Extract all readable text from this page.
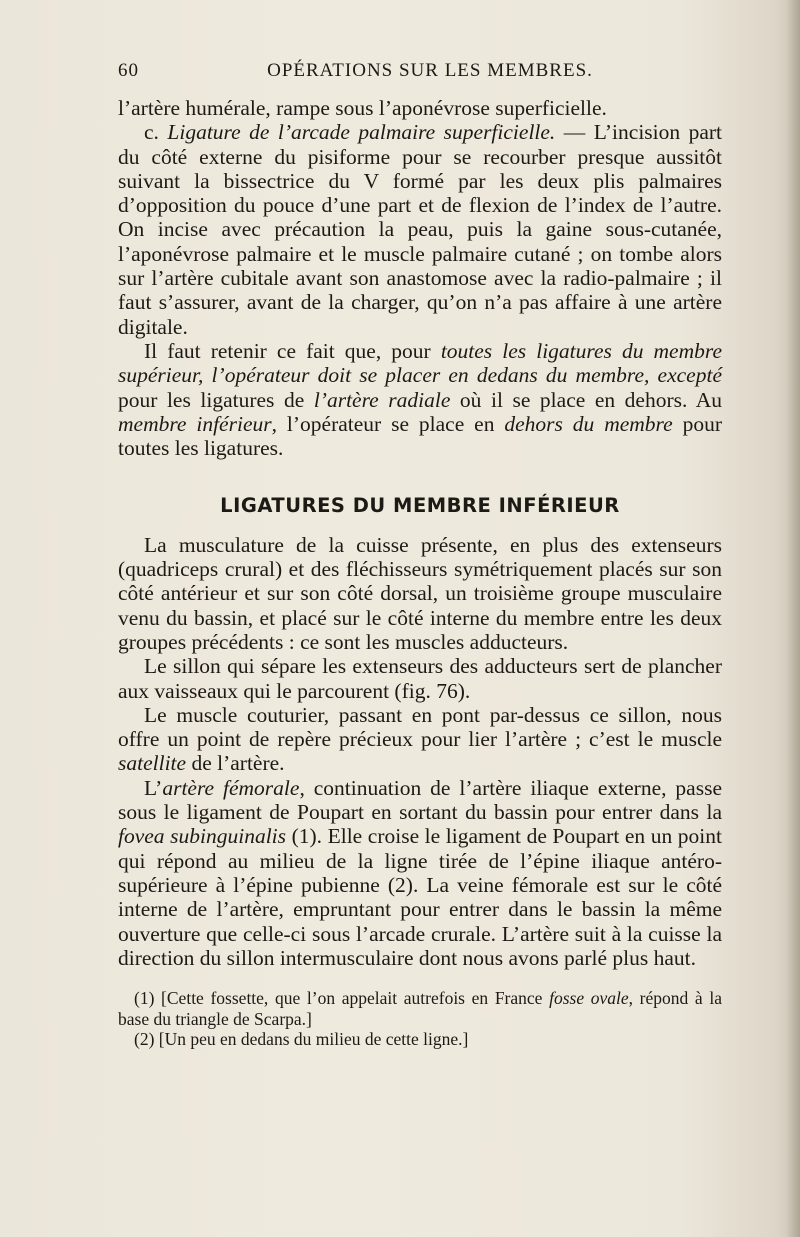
60	OPÉRATIONS SUR LES MEMBRES.

l’artère humérale, rampe sous l’aponévrose superficielle.

c. Ligature de l’arcade palmaire superficielle. — L’incision part du côté externe du pisiforme pour se recourber presque aussitôt suivant la bissectrice du V formé par les deux plis palmaires d’opposition du pouce d’une part et de flexion de l’index de l’autre. On incise avec précaution la peau, puis la gaine sous-cutanée, l’aponévrose palmaire et le muscle palmaire cutané ; on tombe alors sur l’artère cubitale avant son anastomose avec la radio-palmaire ; il faut s’assurer, avant de la charger, qu’on n’a pas affaire à une artère digitale.

Il faut retenir ce fait que, pour toutes les ligatures du membre supérieur, l’opérateur doit se placer en dedans du membre, excepté pour les ligatures de l’artère radiale où il se place en dehors. Au membre inférieur, l’opérateur se place en dehors du membre pour toutes les ligatures.

LIGATURES DU MEMBRE INFÉRIEUR

La musculature de la cuisse présente, en plus des extenseurs (quadriceps crural) et des fléchisseurs symétriquement placés sur son côté antérieur et sur son côté dorsal, un troisième groupe musculaire venu du bassin, et placé sur le côté interne du membre entre les deux groupes précédents : ce sont les muscles adducteurs.

Le sillon qui sépare les extenseurs des adducteurs sert de plancher aux vaisseaux qui le parcourent (fig. 76).

Le muscle couturier, passant en pont par-dessus ce sillon, nous offre un point de repère précieux pour lier l’artère ; c’est le muscle satellite de l’artère.

L’artère fémorale, continuation de l’artère iliaque externe, passe sous le ligament de Poupart en sortant du bassin pour entrer dans la fovea subinguinalis (1). Elle croise le ligament de Poupart en un point qui répond au milieu de la ligne tirée de l’épine iliaque antéro-supérieure à l’épine pubienne (2). La veine fémorale est sur le côté interne de l’artère, empruntant pour entrer dans le bassin la même ouverture que celle-ci sous l’arcade crurale. L’artère suit à la cuisse la direction du sillon intermusculaire dont nous avons parlé plus haut.

(1) [Cette fossette, que l’on appelait autrefois en France fosse ovale, répond à la base du triangle de Scarpa.]

(2) [Un peu en dedans du milieu de cette ligne.]
